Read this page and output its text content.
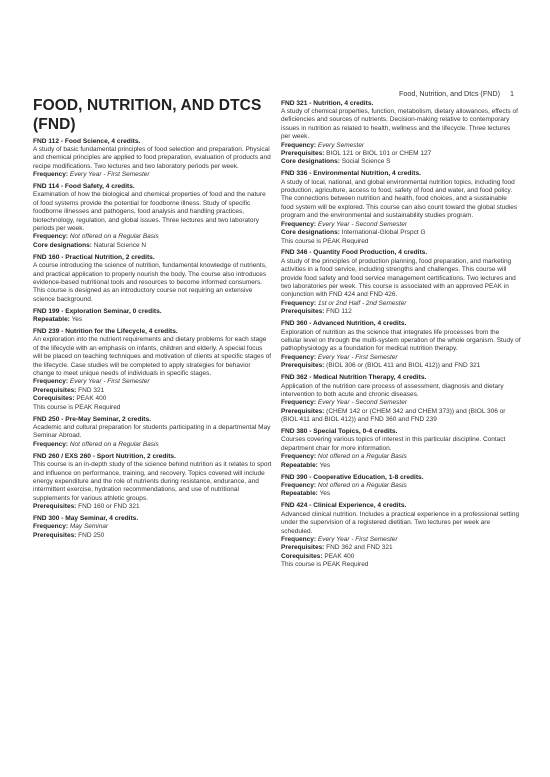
Food, Nutrition, and Dtcs (FND) 1
FOOD, NUTRITION, AND DTCS (FND)
FND 112 - Food Science, 4 credits.
A study of basic fundamental principles of food selection and preparation. Physical and chemical principles are applied to food preparation, evaluation of products and recipe modifications. Two lectures and two laboratory periods per week.
Frequency: Every Year - First Semester
FND 114 - Food Safety, 4 credits.
Examination of how the biological and chemical properties of food and the nature of food systems provide the potential for foodborne illness. Study of specific foodborne illnesses and pathogens, food analysis and handling practices, biotechnology, regulation, and global issues. Three lectures and two laboratory periods per week.
Frequency: Not offered on a Regular Basis
Core designations: Natural Science N
FND 160 - Practical Nutrition, 2 credits.
A course introducing the science of nutrition, fundamental knowledge of nutrients, and practical application to properly nourish the body. The course also introduces evidence-based nutritional tools and resources to become informed consumers. This course is designed as an introductory course not requiring an extensive science background.
FND 199 - Exploration Seminar, 0 credits.
Repeatable: Yes
FND 239 - Nutrition for the Lifecycle, 4 credits.
An exploration into the nutrient requirements and dietary problems for each stage of the lifecycle with an emphasis on infants, children and elderly. A special focus will be placed on teaching techniques and motivation of clients at specific stages of the lifecycle. Case studies will be completed to apply strategies for behavior change to meet unique needs of individuals in specific stages.
Frequency: Every Year - First Semester
Prerequisites: FND 321
Corequisites: PEAK 400
This course is PEAK Required
FND 250 - Pre-May Seminar, 2 credits.
Academic and cultural preparation for students participating in a departmental May Seminar Abroad.
Frequency: Not offered on a Regular Basis
FND 260 / EXS 260 - Sport Nutrition, 2 credits.
This course is an in-depth study of the science behind nutrition as it relates to sport and influence on performance, training, and recovery. Topics covered will include energy expenditure and the role of nutrients during resistance, endurance, and intermittent exercise, hydration recommendations, and use of nutritional supplements for various athletic groups.
Prerequisites: FND 160 or FND 321
FND 300 - May Seminar, 4 credits.
Frequency: May Seminar
Prerequisites: FND 250
FND 321 - Nutrition, 4 credits.
A study of chemical properties, function, metabolism, dietary allowances, effects of deficiencies and sources of nutrients. Decision-making relative to contemporary issues in nutrition as related to health, wellness and the lifecycle. Three lectures per week.
Frequency: Every Semester
Prerequisites: BIOL 121 or BIOL 101 or CHEM 127
Core designations: Social Science S
FND 336 - Environmental Nutrition, 4 credits.
A study of local, national, and global environmental nutrition topics, including food production, agriculture, access to food, safety of food and water, and food policy. The connections between nutrition and health, food choices, and a sustainable food system will be explored. This course can also count toward the global studies program and the environmental and sustainability studies program.
Frequency: Every Year - Second Semester
Core designations: International-Global Prspct G
This course is PEAK Required
FND 346 - Quantity Food Production, 4 credits.
A study of the principles of production planning, food preparation, and marketing activities in a food service, including strengths and challenges. This course will provide food safety and food service management certifications. Two lectures and two laboratories per week. This course is associated with an approved PEAK in conjunction with FND 424 and FND 426.
Frequency: 1st or 2nd Half - 2nd Semester
Prerequisites: FND 112
FND 360 - Advanced Nutrition, 4 credits.
Exploration of nutrition as the science that integrates life processes from the cellular level on through the multi-system operation of the whole organism. Study of pathophysiology as a foundation for medical nutrition therapy.
Frequency: Every Year - First Semester
Prerequisites: (BIOL 306 or (BIOL 411 and BIOL 412)) and FND 321
FND 362 - Medical Nutrition Therapy, 4 credits.
Application of the nutrition care process of assessment, diagnosis and dietary intervention to both acute and chronic diseases.
Frequency: Every Year - Second Semester
Prerequisites: (CHEM 142 or (CHEM 342 and CHEM 373)) and (BIOL 306 or (BIOL 411 and BIOL 412)) and FND 360 and FND 239
FND 380 - Special Topics, 0-4 credits.
Courses covering various topics of interest in this particular discipline. Contact department chair for more information.
Frequency: Not offered on a Regular Basis
Repeatable: Yes
FND 390 - Cooperative Education, 1-8 credits.
Frequency: Not offered on a Regular Basis
Repeatable: Yes
FND 424 - Clinical Experience, 4 credits.
Advanced clinical nutrition. Includes a practical experience in a professional setting under the supervision of a registered dietitian. Two lectures per week are scheduled.
Frequency: Every Year - First Semester
Prerequisites: FND 362 and FND 321
Corequisites: PEAK 400
This course is PEAK Required
